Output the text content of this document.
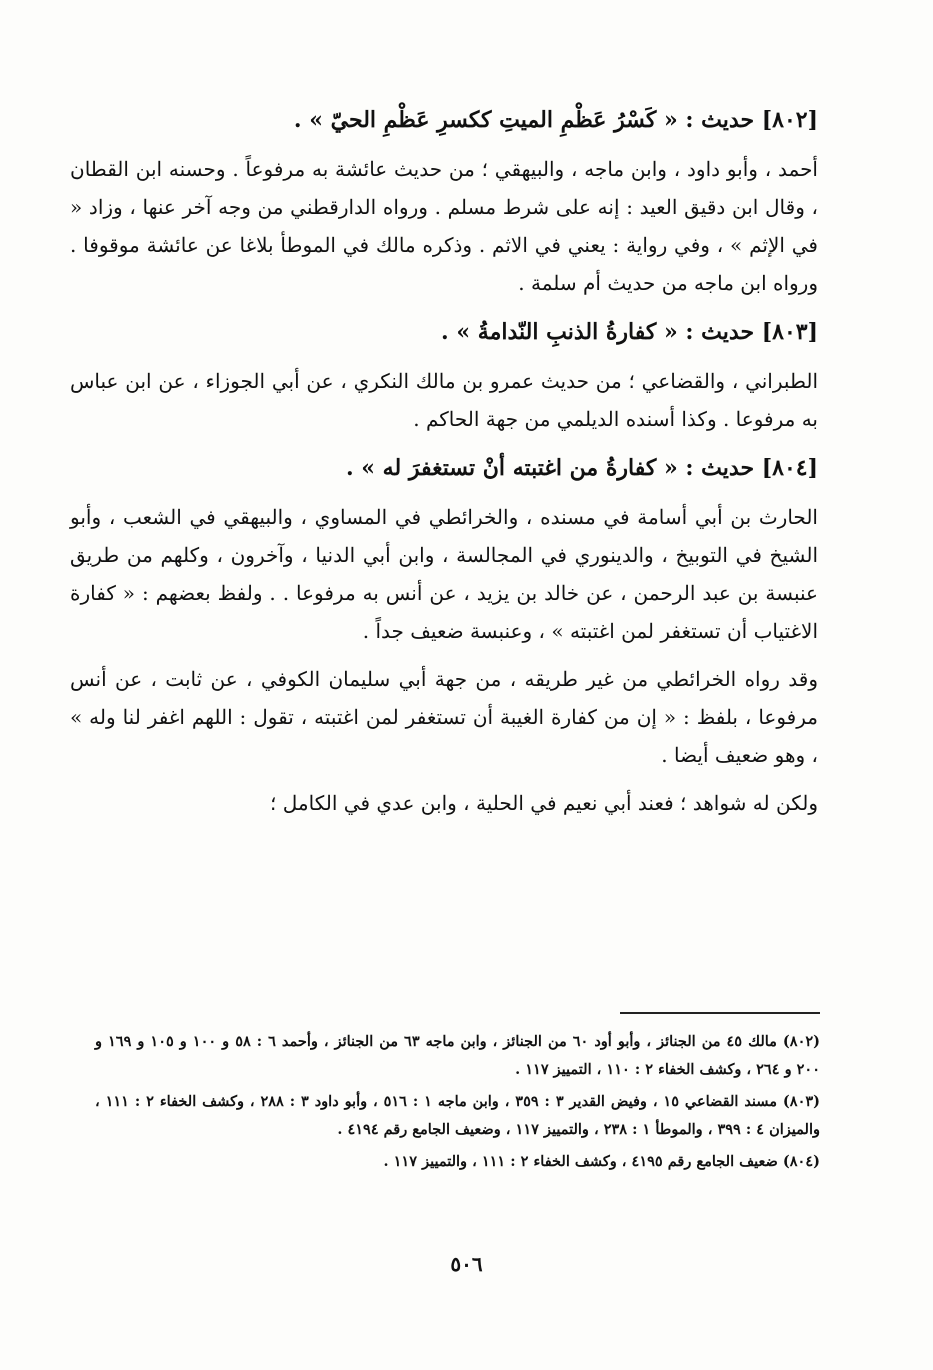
[٨٠٢] حديث : « كَسْرُ عَظْمِ الميتِ ككسرِ عَظْمِ الحيّ » .

أحمد ، وأبو داود ، وابن ماجه ، والبيهقي ؛ من حديث عائشة به مرفوعاً . وحسنه ابن القطان ، وقال ابن دقيق العيد : إنه على شرط مسلم . ورواه الدارقطني من وجه آخر عنها ، وزاد « في الإثم » ، وفي رواية : يعني في الاثم . وذكره مالك في الموطأ بلاغا عن عائشة موقوفا . ورواه ابن ماجه من حديث أم سلمة .

[٨٠٣] حديث : « كفارةُ الذنبِ النّدامةُ » .

الطبراني ، والقضاعي ؛ من حديث عمرو بن مالك النكري ، عن أبي الجوزاء ، عن ابن عباس به مرفوعا . وكذا أسنده الديلمي من جهة الحاكم .

[٨٠٤] حديث : « كفارةُ من اغتبته أنْ تستغفرَ له » .

الحارث بن أبي أسامة في مسنده ، والخرائطي في المساوي ، والبيهقي في الشعب ، وأبو الشيخ في التوبيخ ، والدينوري في المجالسة ، وابن أبي الدنيا ، وآخرون ، وكلهم من طريق عنبسة بن عبد الرحمن ، عن خالد بن يزيد ، عن أنس به مرفوعا . . ولفظ بعضهم : « كفارة الاغتياب أن تستغفر لمن اغتبته » ، وعنبسة ضعيف جداً .

وقد رواه الخرائطي من غير طريقه ، من جهة أبي سليمان الكوفي ، عن ثابت ، عن أنس مرفوعا ، بلفظ : « إن من كفارة الغيبة أن تستغفر لمن اغتبته ، تقول : اللهم اغفر لنا وله » ، وهو ضعيف أيضا .

ولكن له شواهد ؛ فعند أبي نعيم في الحلية ، وابن عدي في الكامل ؛

(٨٠٢) مالك ٤٥ من الجنائز ، وأبو أود ٦٠ من الجنائز ، وابن ماجه ٦٣ من الجنائز ، وأحمد ٦ : ٥٨ و ١٠٠ و ١٠٥ و ١٦٩ و ٢٠٠ و ٢٦٤ ، وكشف الخفاء ٢ : ١١٠ ، التمييز ١١٧ .

(٨٠٣) مسند القضاعي ١٥ ، وفيض القدير ٣ : ٣٥٩ ، وابن ماجه ١ : ٥١٦ ، وأبو داود ٣ : ٢٨٨ ، وكشف الخفاء ٢ : ١١١ ، والميزان ٤ : ٣٩٩ ، والموطأ ١ : ٢٣٨ ، والتمييز ١١٧ ، وضعيف الجامع رقم ٤١٩٤ .

(٨٠٤) ضعيف الجامع رقم ٤١٩٥ ، وكشف الخفاء ٢ : ١١١ ، والتمييز ١١٧ .

٥٠٦
